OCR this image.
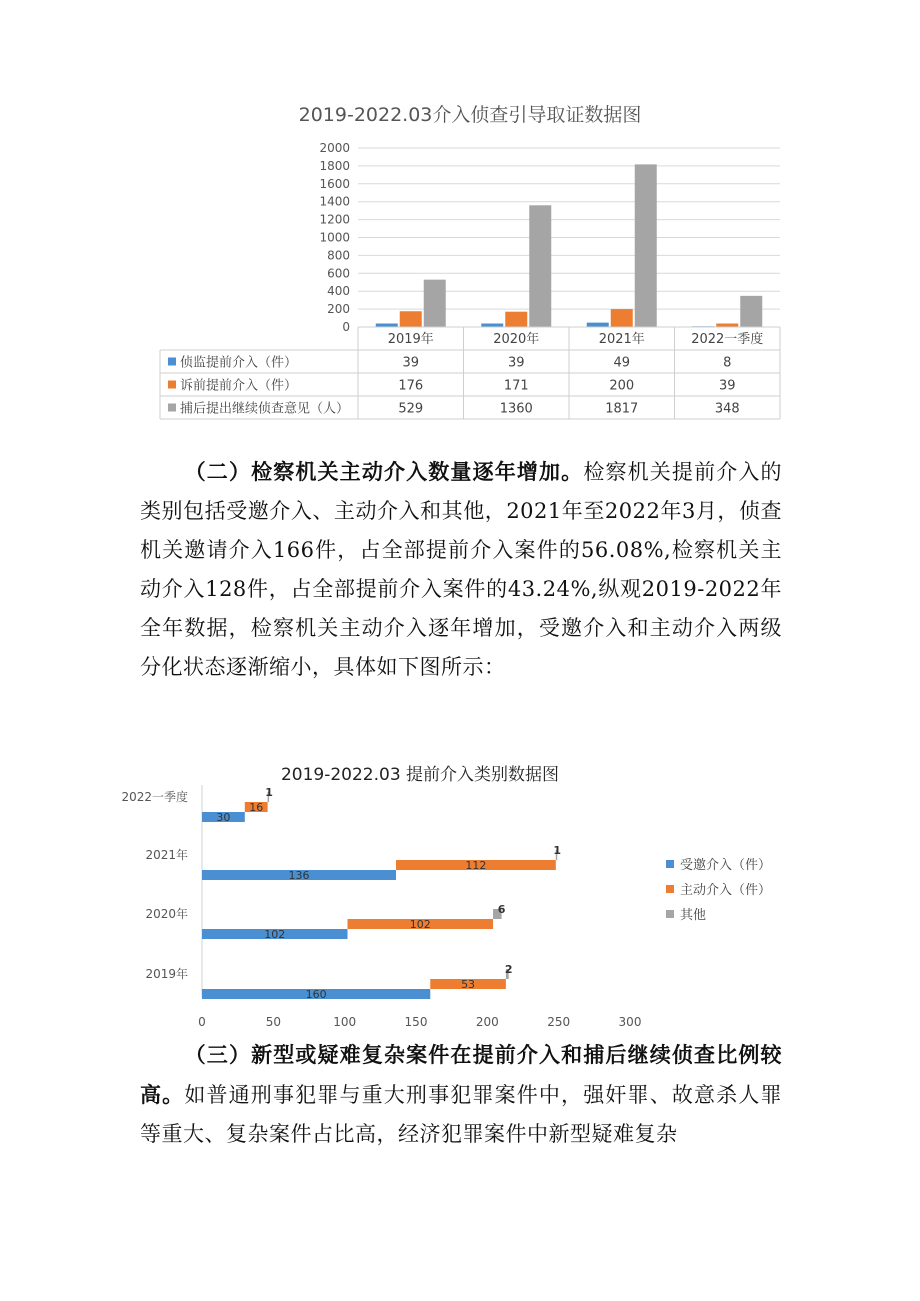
2019-2022.03介入侦查引导取证数据图
0
200
400
600
800
1000
1200
1400
1600
1800
2000
2019年	2020年	2021年	2022一季度
侦监提前介入（件）	39	39	49	8
诉前提前介入（件）	176	171	200	39
捕后提出继续侦查意见（人）	529	1360	1817	348
（二）检察机关主动介入数量逐年增加。检察机关提前介入的类别包括受邀介入、主动介入和其他，2021年至2022年3月，侦查机关邀请介入166件，占全部提前介入案件的56.08%,检察机关主动介入128件，占全部提前介入案件的43.24%,纵观2019-2022年全年数据，检察机关主动介入逐年增加，受邀介入和主动介入两级分化状态逐渐缩小，具体如下图所示：
2019-2022.03 提前介入类别数据图
0	50	100	150	200	250	300
2019年
160
53
2
2020年
102
102
6
2021年
136
112
1
2022一季度
30
16
1
受邀介入（件）
主动介入（件）
其他
（三）新型或疑难复杂案件在提前介入和捕后继续侦查比例较高。如普通刑事犯罪与重大刑事犯罪案件中，强奸罪、故意杀人罪等重大、复杂案件占比高，经济犯罪案件中新型疑难复杂
